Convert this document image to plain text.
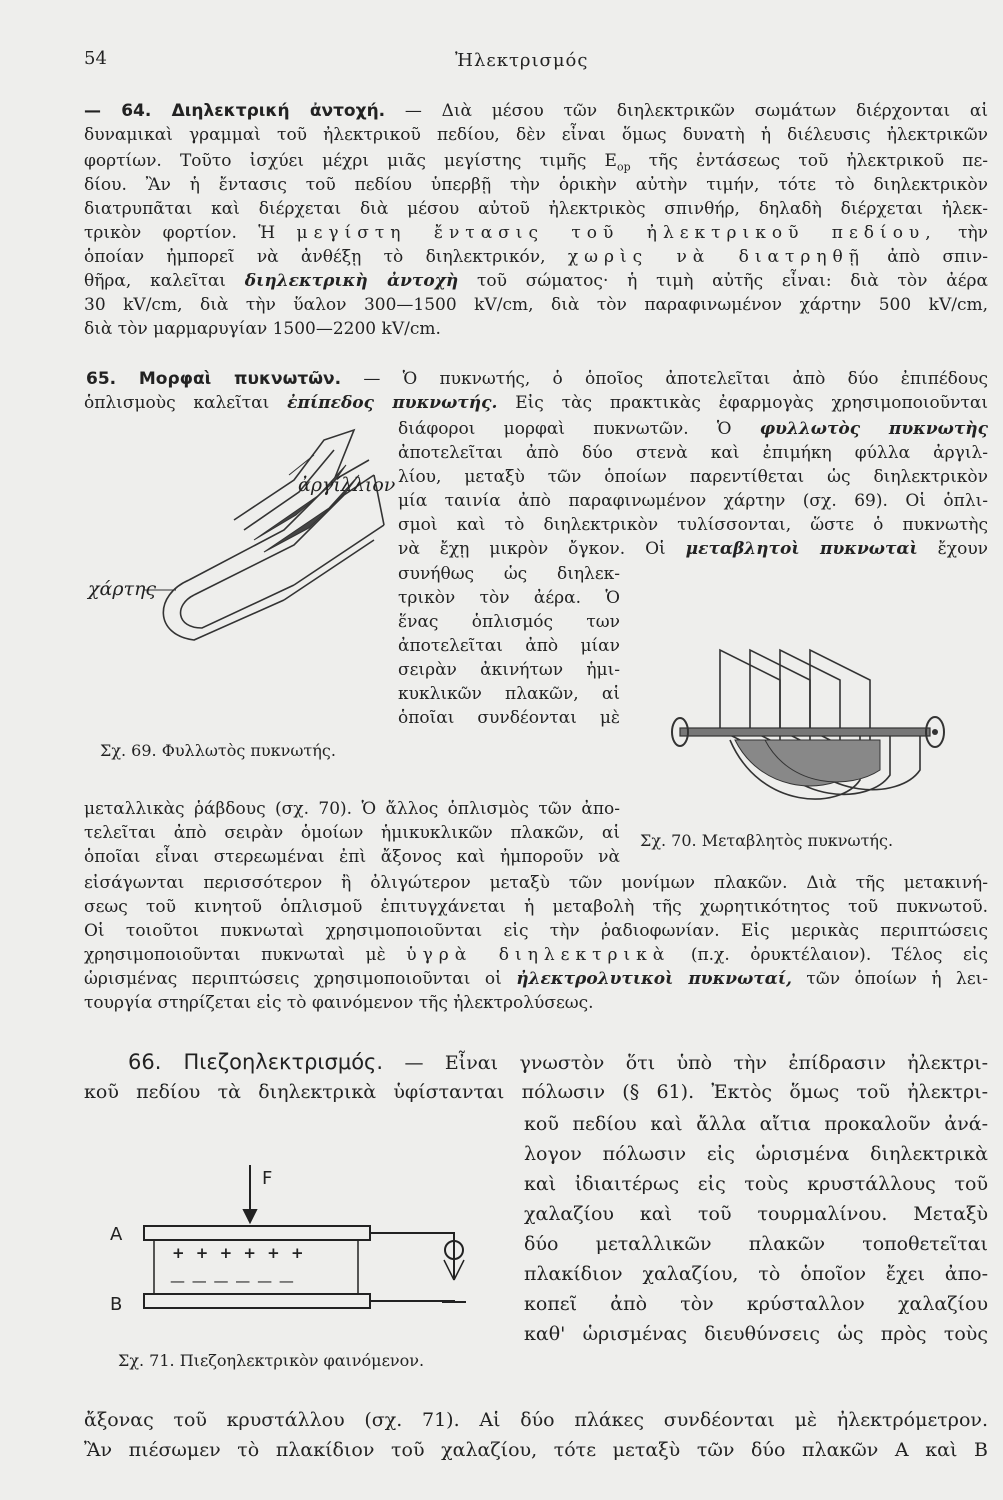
54	Ἠλεκτρισμός
— 64. Διηλεκτρική ἀντοχή. — Διὰ μέσου τῶν διηλεκτρικῶν σωμάτων διέρχονται αἱ
δυναμικαὶ γραμμαὶ τοῦ ἠλεκτρικοῦ πεδίου, δὲν εἶναι ὅμως δυνατὴ ἡ διέλευσις ἠλεκτρικῶν
φορτίων. Τοῦτο ἰσχύει μέχρι μιᾶς μεγίστης τιμῆς $E_{op}$ τῆς ἐντάσεως τοῦ ἠλεκτρικοῦ πε-
δίου. Ἂν ἡ ἔντασις τοῦ πεδίου ὑπερβῇ τὴν ὁρικὴν αὐτὴν τιμήν, τότε τὸ διηλεκτρικὸν
διατρυπᾶται καὶ διέρχεται διὰ μέσου αὐτοῦ ἠλεκτρικὸς σπινθήρ, δηλαδὴ διέρχεται ἠλεκ-
τρικὸν φορτίον. Ἡ μεγίστη ἔντασις τοῦ ἠλεκτρικοῦ πεδίου, τὴν
ὁποίαν ἠμπορεῖ νὰ ἀνθέξῃ τὸ διηλεκτρικόν, χωρὶς νὰ διατρηθῇ ἀπὸ σπιν-
θῆρα, καλεῖται διηλεκτρικὴ ἀντοχὴ τοῦ σώματος· ἡ τιμὴ αὐτῆς εἶναι: διὰ τὸν ἀέρα
30 kV/cm, διὰ τὴν ὕαλον 300—1500 kV/cm, διὰ τὸν παραφινωμένον χάρτην 500 kV/cm,
διὰ τὸν μαρμαρυγίαν 1500—2200 kV/cm.
65. Μορφαὶ πυκνωτῶν. — Ὁ πυκνωτής, ὁ ὁποῖος ἀποτελεῖται ἀπὸ δύο ἐπιπέδους
ὁπλισμοὺς καλεῖται ἐπίπεδος πυκνωτής. Εἰς τὰς πρακτικὰς ἐφαρμογὰς χρησιμοποιοῦνται
διάφοροι μορφαὶ πυκνωτῶν. Ὁ φυλλωτὸς πυκνωτὴς
ἀποτελεῖται ἀπὸ δύο στενὰ καὶ ἐπιμήκη φύλλα ἀργιλ-
λίου, μεταξὺ τῶν ὁποίων παρεντίθεται ὡς διηλεκτρικὸν
μία ταινία ἀπὸ παραφινωμένον χάρτην (σχ. 69). Οἱ ὁπλι-
σμοὶ καὶ τὸ διηλεκτρικὸν τυλίσσονται, ὥστε ὁ πυκνωτὴς
νὰ ἔχῃ μικρὸν ὄγκον. Οἱ μεταβλητοὶ πυκνωταὶ ἔχουν
συνήθως ὡς διηλεκ-
τρικὸν τὸν ἀέρα. Ὁ
ἕνας ὁπλισμός των
ἀποτελεῖται ἀπὸ μίαν
σειρὰν ἀκινήτων ἡμι-
κυκλικῶν πλακῶν, αἱ
ὁποῖαι συνδέονται μὲ
ἀργίλλιον
χάρτης
Σχ. 69. Φυλλωτὸς πυκνωτής.
μεταλλικὰς ῥάβδους (σχ. 70). Ὁ ἄλλος ὁπλισμὸς τῶν ἀπο-
τελεῖται ἀπὸ σειρὰν ὁμοίων ἡμικυκλικῶν πλακῶν, αἱ Σχ. 70. Μεταβλητὸς πυκνωτής.
ὁποῖαι εἶναι στερεωμέναι ἐπὶ ἄξονος καὶ ἠμποροῦν νὰ
εἰσάγωνται περισσότερον ἢ ὀλιγώτερον μεταξὺ τῶν μονίμων πλακῶν. Διὰ τῆς μετακινή-
σεως τοῦ κινητοῦ ὁπλισμοῦ ἐπιτυγχάνεται ἡ μεταβολὴ τῆς χωρητικότητος τοῦ πυκνωτοῦ.
Οἱ τοιοῦτοι πυκνωταὶ χρησιμοποιοῦνται εἰς τὴν ῥαδιοφωνίαν. Εἰς μερικὰς περιπτώσεις
χρησιμοποιοῦνται πυκνωταὶ μὲ ὑγρὰ διηλεκτρικὰ (π.χ. ὀρυκτέλαιον). Τέλος εἰς
ὡρισμένας περιπτώσεις χρησιμοποιοῦνται οἱ ἠλεκτρολυτικοὶ πυκνωταί, τῶν ὁποίων ἡ λει-
τουργία στηρίζεται εἰς τὸ φαινόμενον τῆς ἠλεκτρολύσεως.
66. Πιεζοηλεκτρισμός. — Εἶναι γνωστὸν ὅτι ὑπὸ τὴν ἐπίδρασιν ἠλεκτρι-
κοῦ πεδίου τὰ διηλεκτρικὰ ὑφίστανται πόλωσιν (§ 61). Ἐκτὸς ὅμως τοῦ ἠλεκτρι-
κοῦ πεδίου καὶ ἄλλα αἴτια προκαλοῦν ἀνά-
λογον πόλωσιν εἰς ὡρισμένα διηλεκτρικὰ
καὶ ἰδιαιτέρως εἰς τοὺς κρυστάλλους τοῦ
χαλαζίου καὶ τοῦ τουρμαλίνου. Μεταξὺ
δύο μεταλλικῶν πλακῶν τοποθετεῖται
πλακίδιον χαλαζίου, τὸ ὁποῖον ἔχει ἀπο-
κοπεῖ ἀπὸ τὸν κρύσταλλον χαλαζίου
καθ' ὡρισμένας διευθύνσεις ὡς πρὸς τοὺς
F
A
B
+ + + + + +
— — — — — —
Σχ. 71. Πιεζοηλεκτρικὸν φαινόμενον.
ἄξονας τοῦ κρυστάλλου (σχ. 71). Αἱ δύο πλάκες συνδέονται μὲ ἠλεκτρόμετρον.
Ἂν πιέσωμεν τὸ πλακίδιον τοῦ χαλαζίου, τότε μεταξὺ τῶν δύο πλακῶν Α καὶ Β
